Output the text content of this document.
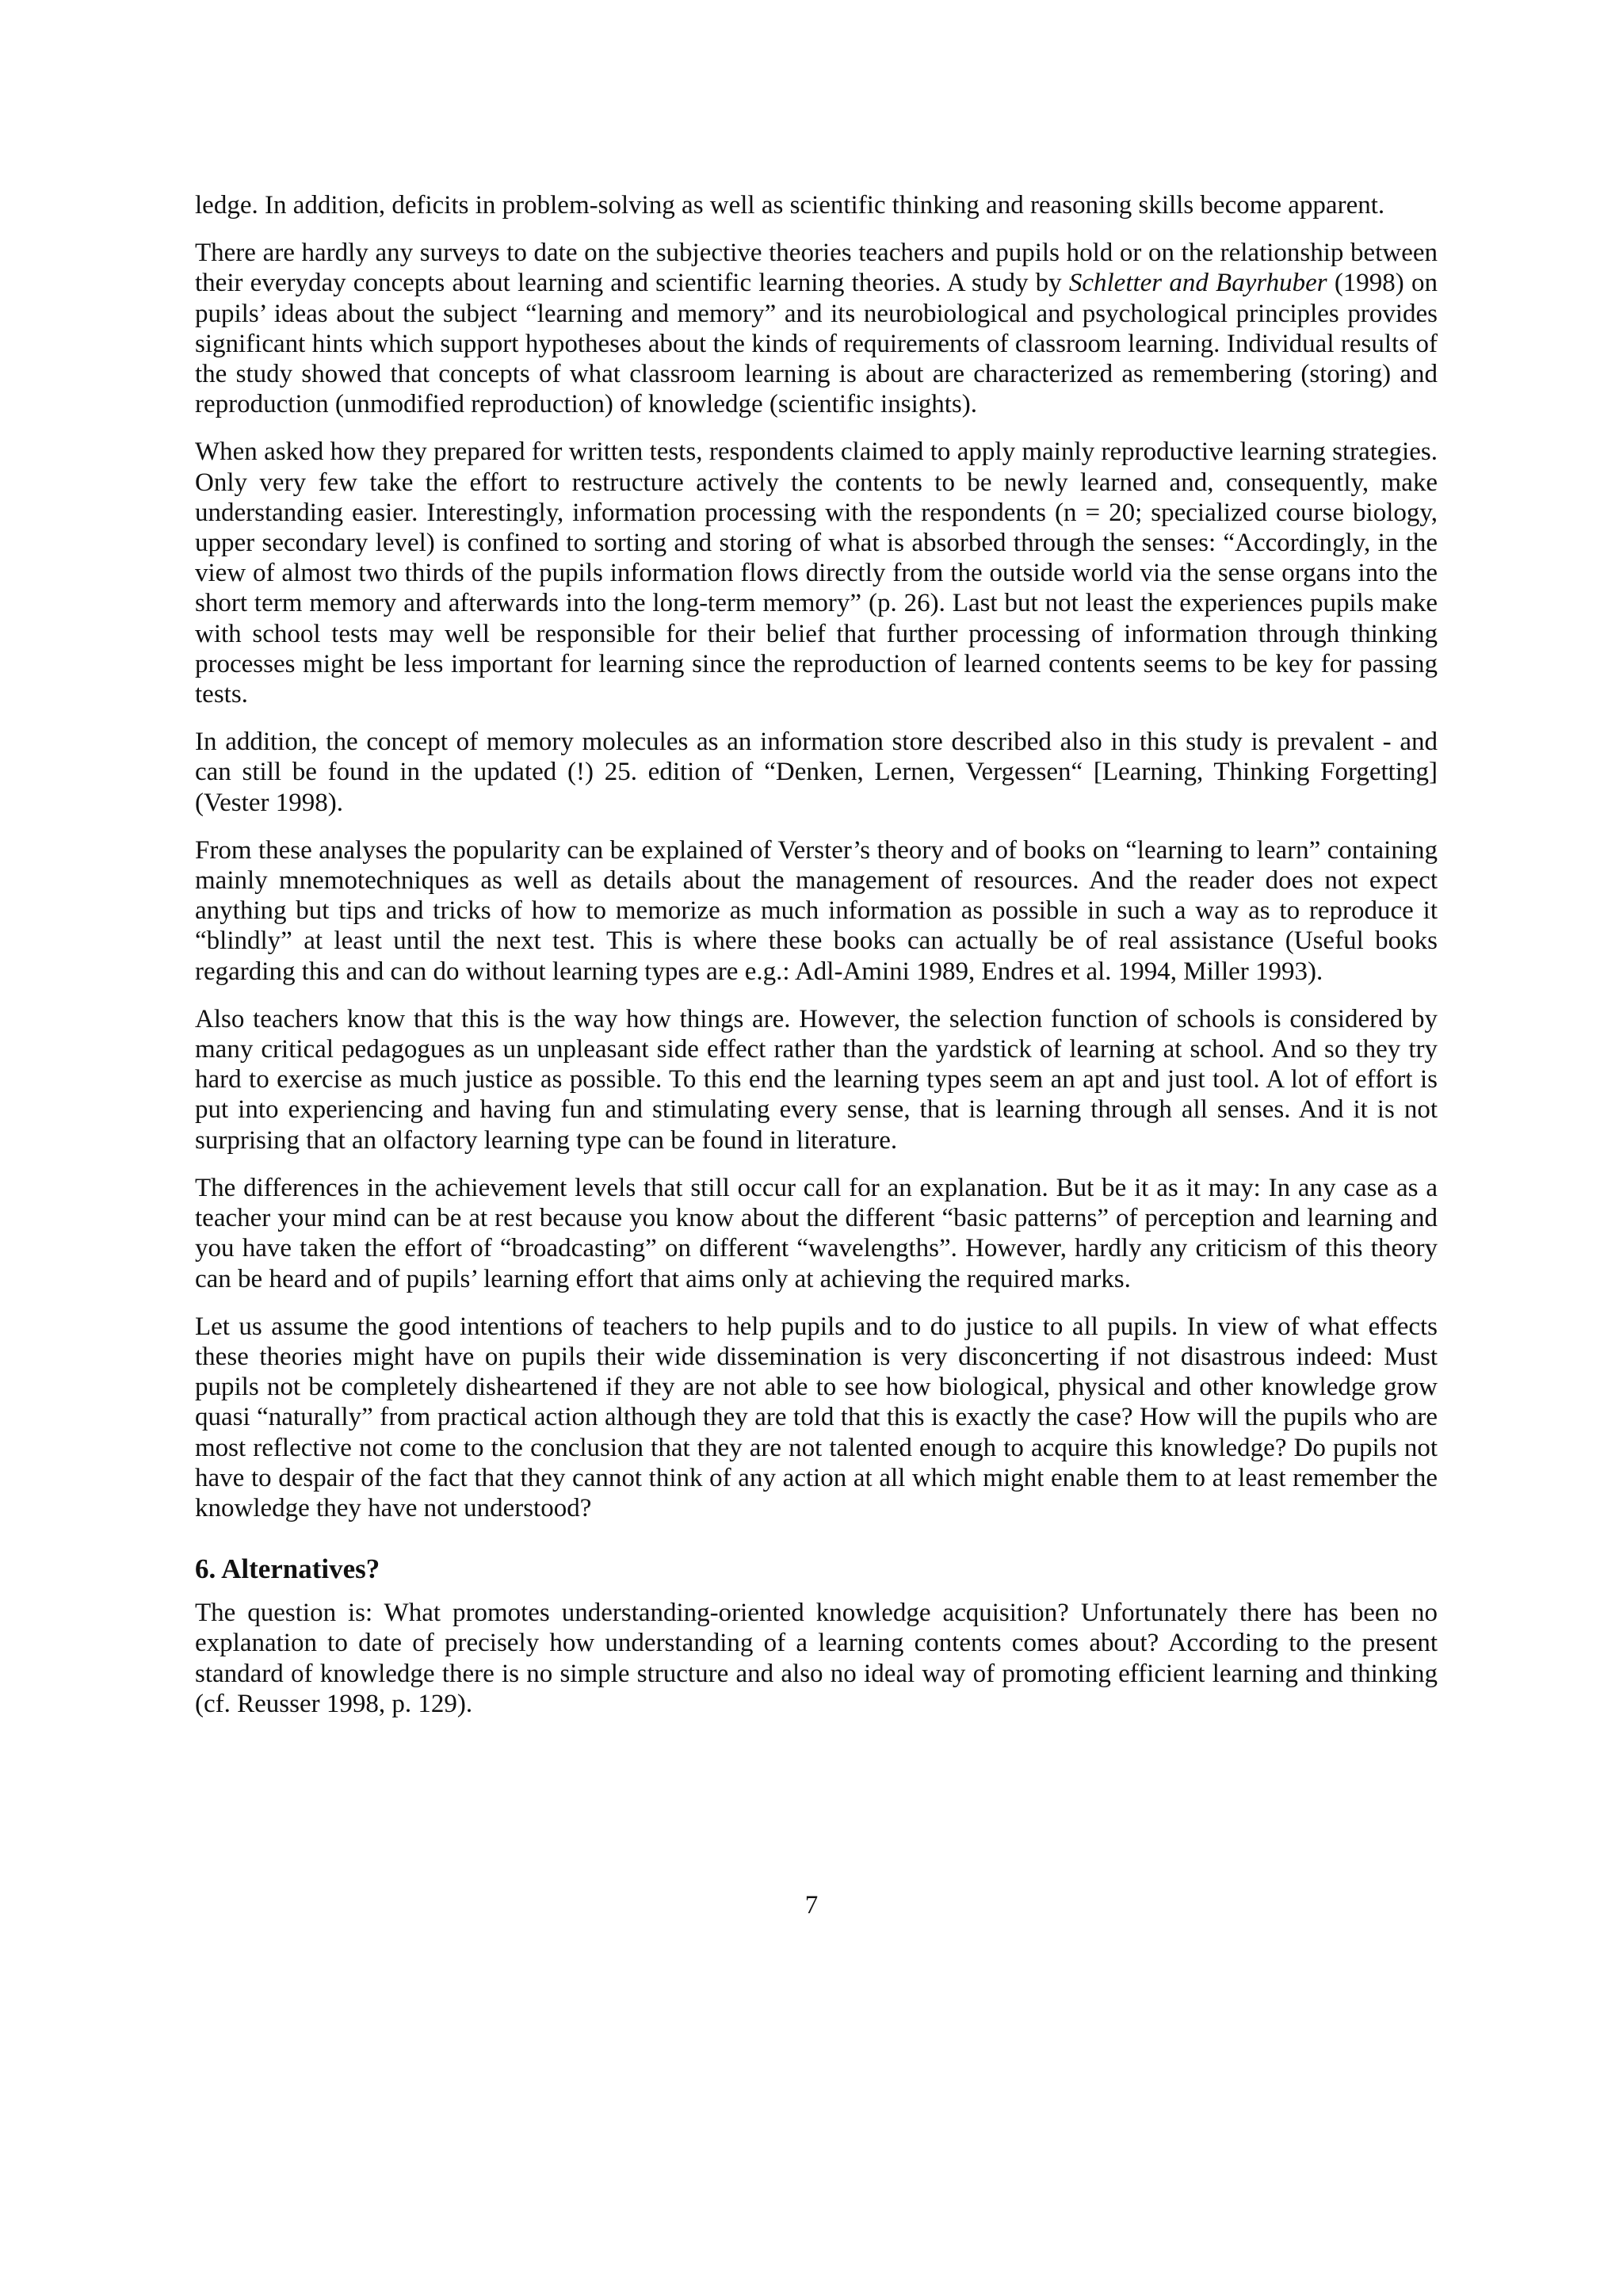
ledge. In addition, deficits in problem-solving as well as scientific thinking and reasoning skills become apparent.

There are hardly any surveys to date on the subjective theories teachers and pupils hold or on the relationship between their everyday concepts about learning and scientific learning theories. A study by Schletter and Bayrhuber (1998) on pupils’ ideas about the subject “learning and memory” and its neurobiological and psychological principles provides significant hints which support hypotheses about the kinds of requirements of classroom learning. Individual results of the study showed that concepts of what classroom learning is about are characterized as remembering (storing) and reproduction (unmodified reproduction) of knowledge (scientific insights).

When asked how they prepared for written tests, respondents claimed to apply mainly reproductive learning strategies. Only very few take the effort to restructure actively the contents to be newly learned and, consequently, make understanding easier. Interestingly, information processing with the respondents (n = 20; specialized course biology, upper secondary level) is confined to sorting and storing of what is absorbed through the senses: “Accordingly, in the view of almost two thirds of the pupils information flows directly from the outside world via the sense organs into the short term memory and afterwards into the long-term memory” (p. 26). Last but not least the experiences pupils make with school tests may well be responsible for their belief that further processing of information through thinking processes might be less important for learning since the reproduction of learned contents seems to be key for passing tests.

In addition, the concept of memory molecules as an information store described also in this study is prevalent - and can still be found in the updated (!) 25. edition of “Denken, Lernen, Vergessen“ [Learning, Thinking Forgetting] (Vester 1998).

From these analyses the popularity can be explained of Verster’s theory and of books on “learning to learn” containing mainly mnemotechniques as well as details about the management of resources. And the reader does not expect anything but tips and tricks of how to memorize as much information as possible in such a way as to reproduce it “blindly” at least until the next test. This is where these books can actually be of real assistance (Useful books regarding this and can do without learning types are e.g.: Adl-Amini 1989, Endres et al. 1994, Miller 1993).

Also teachers know that this is the way how things are. However, the selection function of schools is considered by many critical pedagogues as un unpleasant side effect rather than the yardstick of learning at school. And so they try hard to exercise as much justice as possible. To this end the learning types seem an apt and just tool. A lot of effort is put into experiencing and having fun and stimulating every sense, that is learning through all senses. And it is not surprising that an olfactory learning type can be found in literature.

The differences in the achievement levels that still occur call for an explanation. But be it as it may: In any case as a teacher your mind can be at rest because you know about the different “basic patterns” of perception and learning and you have taken the effort of “broadcasting” on different “wavelengths”. However, hardly any criticism of this theory can be heard and of pupils’ learning effort that aims only at achieving the required marks.

Let us assume the good intentions of teachers to help pupils and to do justice to all pupils. In view of what effects these theories might have on pupils their wide dissemination is very disconcerting if not disastrous indeed: Must pupils not be completely disheartened if they are not able to see how biological, physical and other knowledge grow quasi “naturally” from practical action although they are told that this is exactly the case? How will the pupils who are most reflective not come to the conclusion that they are not talented enough to acquire this knowledge? Do pupils not have to despair of the fact that they cannot think of any action at all which might enable them to at least remember the knowledge they have not understood?

6. Alternatives?

The question is: What promotes understanding-oriented knowledge acquisition? Unfortunately there has been no explanation to date of precisely how understanding of a learning contents comes about? According to the present standard of knowledge there is no simple structure and also no ideal way of promoting efficient learning and thinking (cf. Reusser 1998, p. 129).

7
